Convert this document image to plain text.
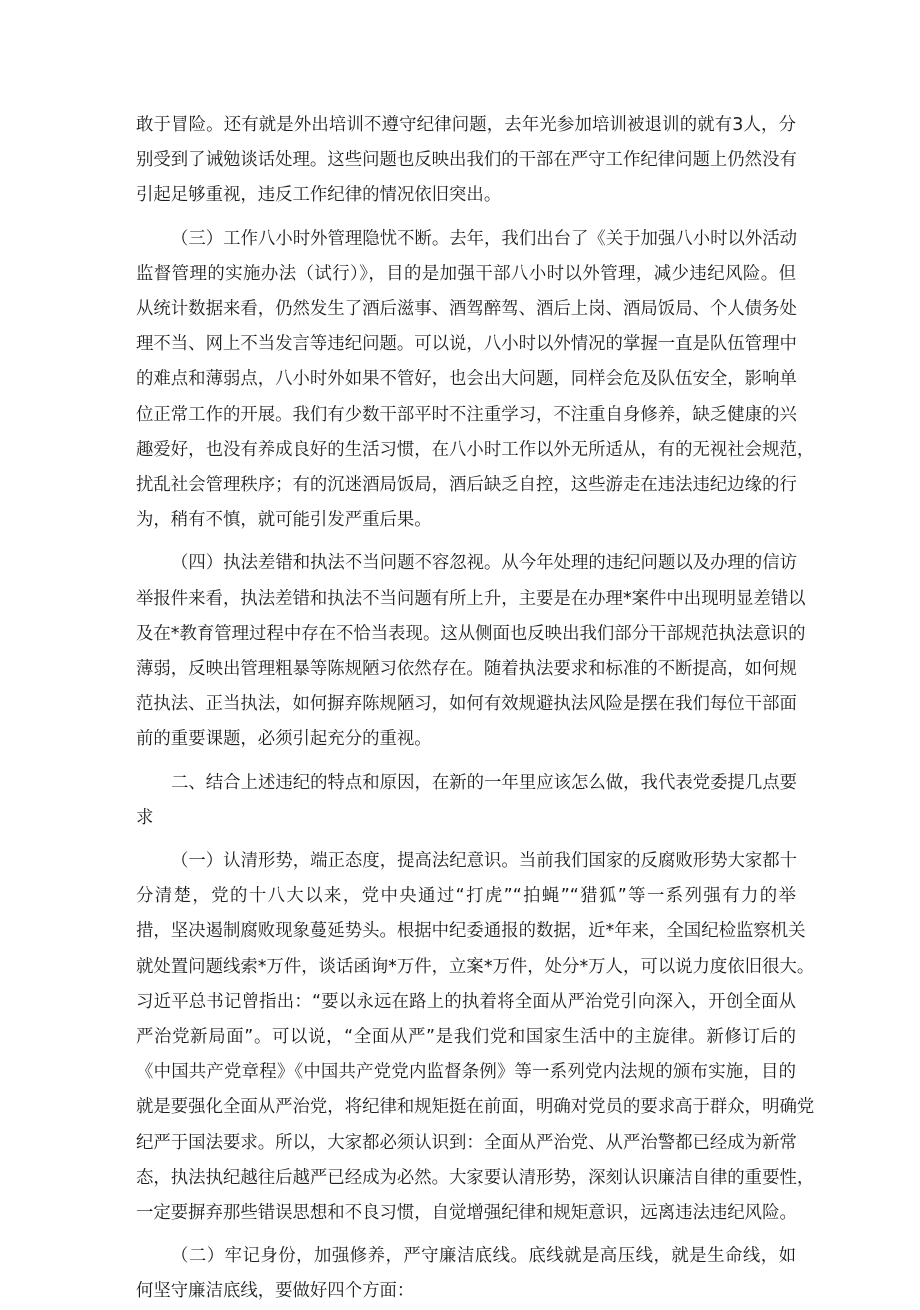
敢于冒险。还有就是外出培训不遵守纪律问题，去年光参加培训被退训的就有3人，分

别受到了诫勉谈话处理。这些问题也反映出我们的干部在严守工作纪律问题上仍然没有

引起足够重视，违反工作纪律的情况依旧突出。

（三）工作八小时外管理隐忧不断。去年，我们出台了《关于加强八小时以外活动

监督管理的实施办法（试行）》，目的是加强干部八小时以外管理，减少违纪风险。但

从统计数据来看，仍然发生了酒后滋事、酒驾醉驾、酒后上岗、酒局饭局、个人债务处

理不当、网上不当发言等违纪问题。可以说，八小时以外情况的掌握一直是队伍管理中

的难点和薄弱点，八小时外如果不管好，也会出大问题，同样会危及队伍安全，影响单

位正常工作的开展。我们有少数干部平时不注重学习，不注重自身修养，缺乏健康的兴

趣爱好，也没有养成良好的生活习惯，在八小时工作以外无所适从，有的无视社会规范，

扰乱社会管理秩序；有的沉迷酒局饭局，酒后缺乏自控，这些游走在违法违纪边缘的行

为，稍有不慎，就可能引发严重后果。

（四）执法差错和执法不当问题不容忽视。从今年处理的违纪问题以及办理的信访

举报件来看，执法差错和执法不当问题有所上升，主要是在办理*案件中出现明显差错以

及在*教育管理过程中存在不恰当表现。这从侧面也反映出我们部分干部规范执法意识的

薄弱，反映出管理粗暴等陈规陋习依然存在。随着执法要求和标准的不断提高，如何规

范执法、正当执法，如何摒弃陈规陋习，如何有效规避执法风险是摆在我们每位干部面

前的重要课题，必须引起充分的重视。

二、结合上述违纪的特点和原因，在新的一年里应该怎么做，我代表党委提几点要

求

（一）认清形势，端正态度，提高法纪意识。当前我们国家的反腐败形势大家都十

分清楚，党的十八大以来，党中央通过“打虎”“拍蝇”“猎狐”等一系列强有力的举

措，坚决遏制腐败现象蔓延势头。根据中纪委通报的数据，近*年来，全国纪检监察机关

就处置问题线索*万件，谈话函询*万件，立案*万件，处分*万人，可以说力度依旧很大。

习近平总书记曾指出：“要以永远在路上的执着将全面从严治党引向深入，开创全面从

严治党新局面”。可以说，“全面从严”是我们党和国家生活中的主旋律。新修订后的

《中国共产党章程》《中国共产党党内监督条例》等一系列党内法规的颁布实施，目的

就是要强化全面从严治党，将纪律和规矩挺在前面，明确对党员的要求高于群众，明确党

纪严于国法要求。所以，大家都必须认识到：全面从严治党、从严治警都已经成为新常

态，执法执纪越往后越严已经成为必然。大家要认清形势，深刻认识廉洁自律的重要性，

一定要摒弃那些错误思想和不良习惯，自觉增强纪律和规矩意识，远离违法违纪风险。

（二）牢记身份，加强修养，严守廉洁底线。底线就是高压线，就是生命线，如

何坚守廉洁底线，要做好四个方面：
